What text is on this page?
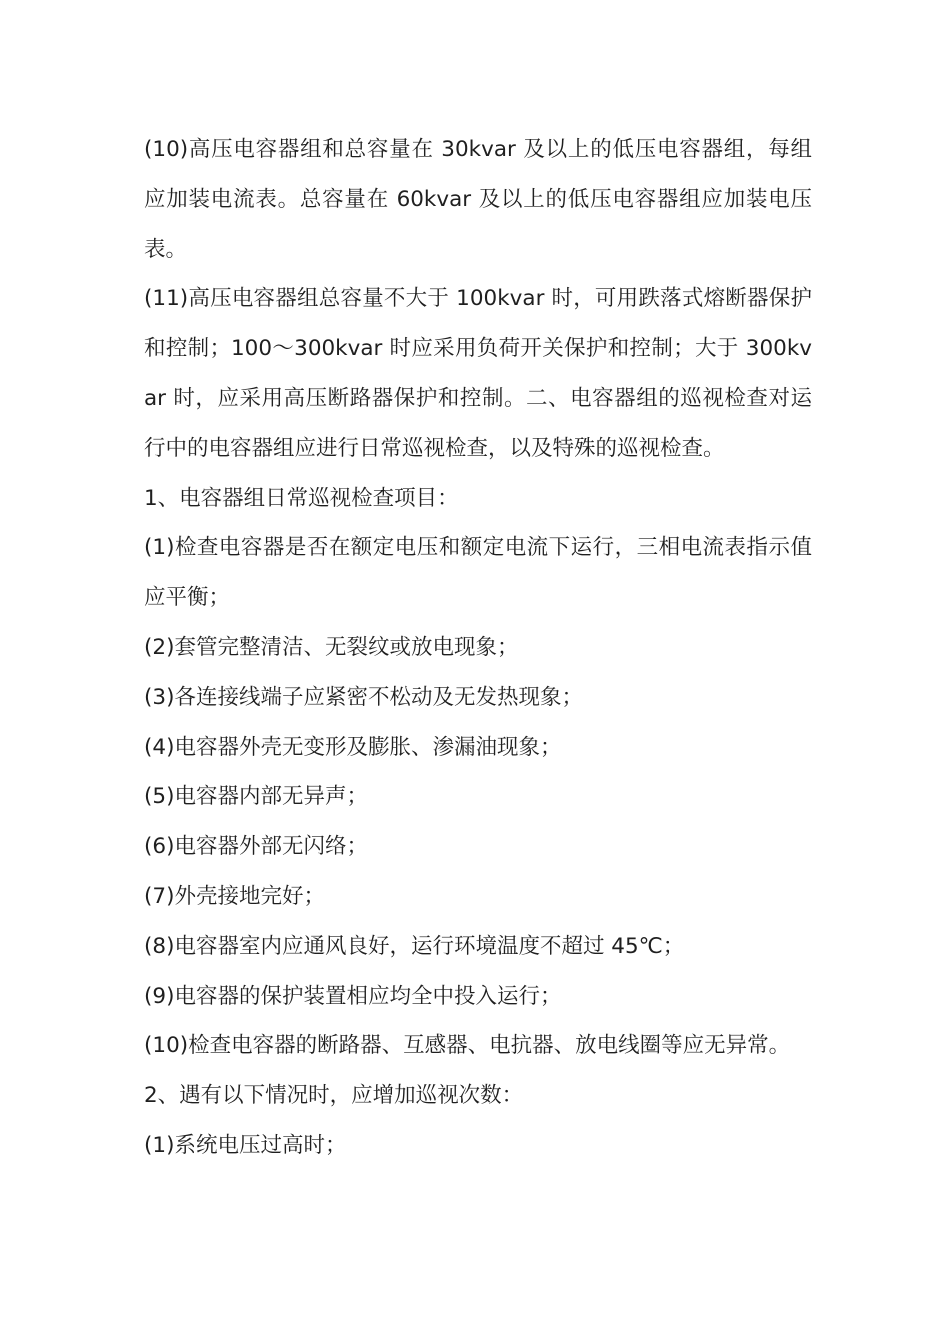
(10)高压电容器组和总容量在 30kvar 及以上的低压电容器组，每组应加装电流表。总容量在 60kvar 及以上的低压电容器组应加装电压表。

(11)高压电容器组总容量不大于 100kvar 时，可用跌落式熔断器保护和控制；100～300kvar 时应采用负荷开关保护和控制；大于 300kvar 时，应采用高压断路器保护和控制。二、电容器组的巡视检查对运行中的电容器组应进行日常巡视检查，以及特殊的巡视检查。

1、电容器组日常巡视检查项目：

(1)检查电容器是否在额定电压和额定电流下运行，三相电流表指示值应平衡；

(2)套管完整清洁、无裂纹或放电现象；

(3)各连接线端子应紧密不松动及无发热现象；

(4)电容器外壳无变形及膨胀、渗漏油现象；

(5)电容器内部无异声；

(6)电容器外部无闪络；

(7)外壳接地完好；

(8)电容器室内应通风良好，运行环境温度不超过 45℃；

(9)电容器的保护装置相应均全中投入运行；

(10)检查电容器的断路器、互感器、电抗器、放电线圈等应无异常。

2、遇有以下情况时，应增加巡视次数：

(1)系统电压过高时；
